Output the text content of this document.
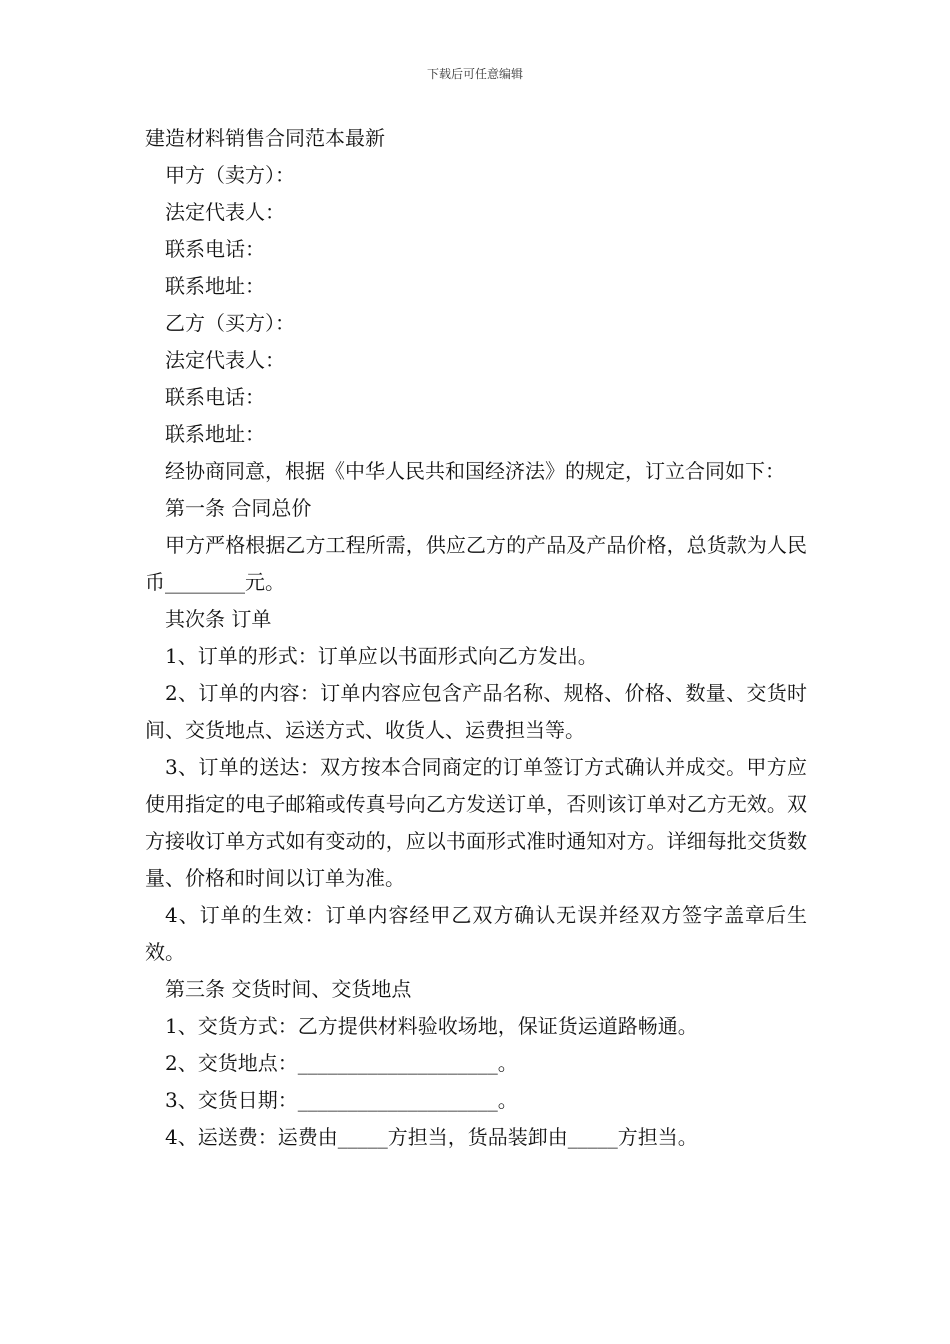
下载后可任意编辑

建造材料销售合同范本最新

甲方（卖方）：

法定代表人：

联系电话：

联系地址：

乙方（买方）：

法定代表人：

联系电话：

联系地址：

经协商同意，根据《中华人民共和国经济法》的规定，订立合同如下：

第一条 合同总价

甲方严格根据乙方工程所需，供应乙方的产品及产品价格，总货款为人民币________元。

其次条 订单

1、订单的形式：订单应以书面形式向乙方发出。

2、订单的内容：订单内容应包含产品名称、规格、价格、数量、交货时间、交货地点、运送方式、收货人、运费担当等。

3、订单的送达：双方按本合同商定的订单签订方式确认并成交。甲方应使用指定的电子邮箱或传真号向乙方发送订单，否则该订单对乙方无效。双方接收订单方式如有变动的，应以书面形式准时通知对方。详细每批交货数量、价格和时间以订单为准。

4、订单的生效：订单内容经甲乙双方确认无误并经双方签字盖章后生效。

第三条 交货时间、交货地点

1、交货方式：乙方提供材料验收场地，保证货运道路畅通。

2、交货地点：____________________。

3、交货日期：____________________。

4、运送费：运费由_____方担当，货品装卸由_____方担当。
